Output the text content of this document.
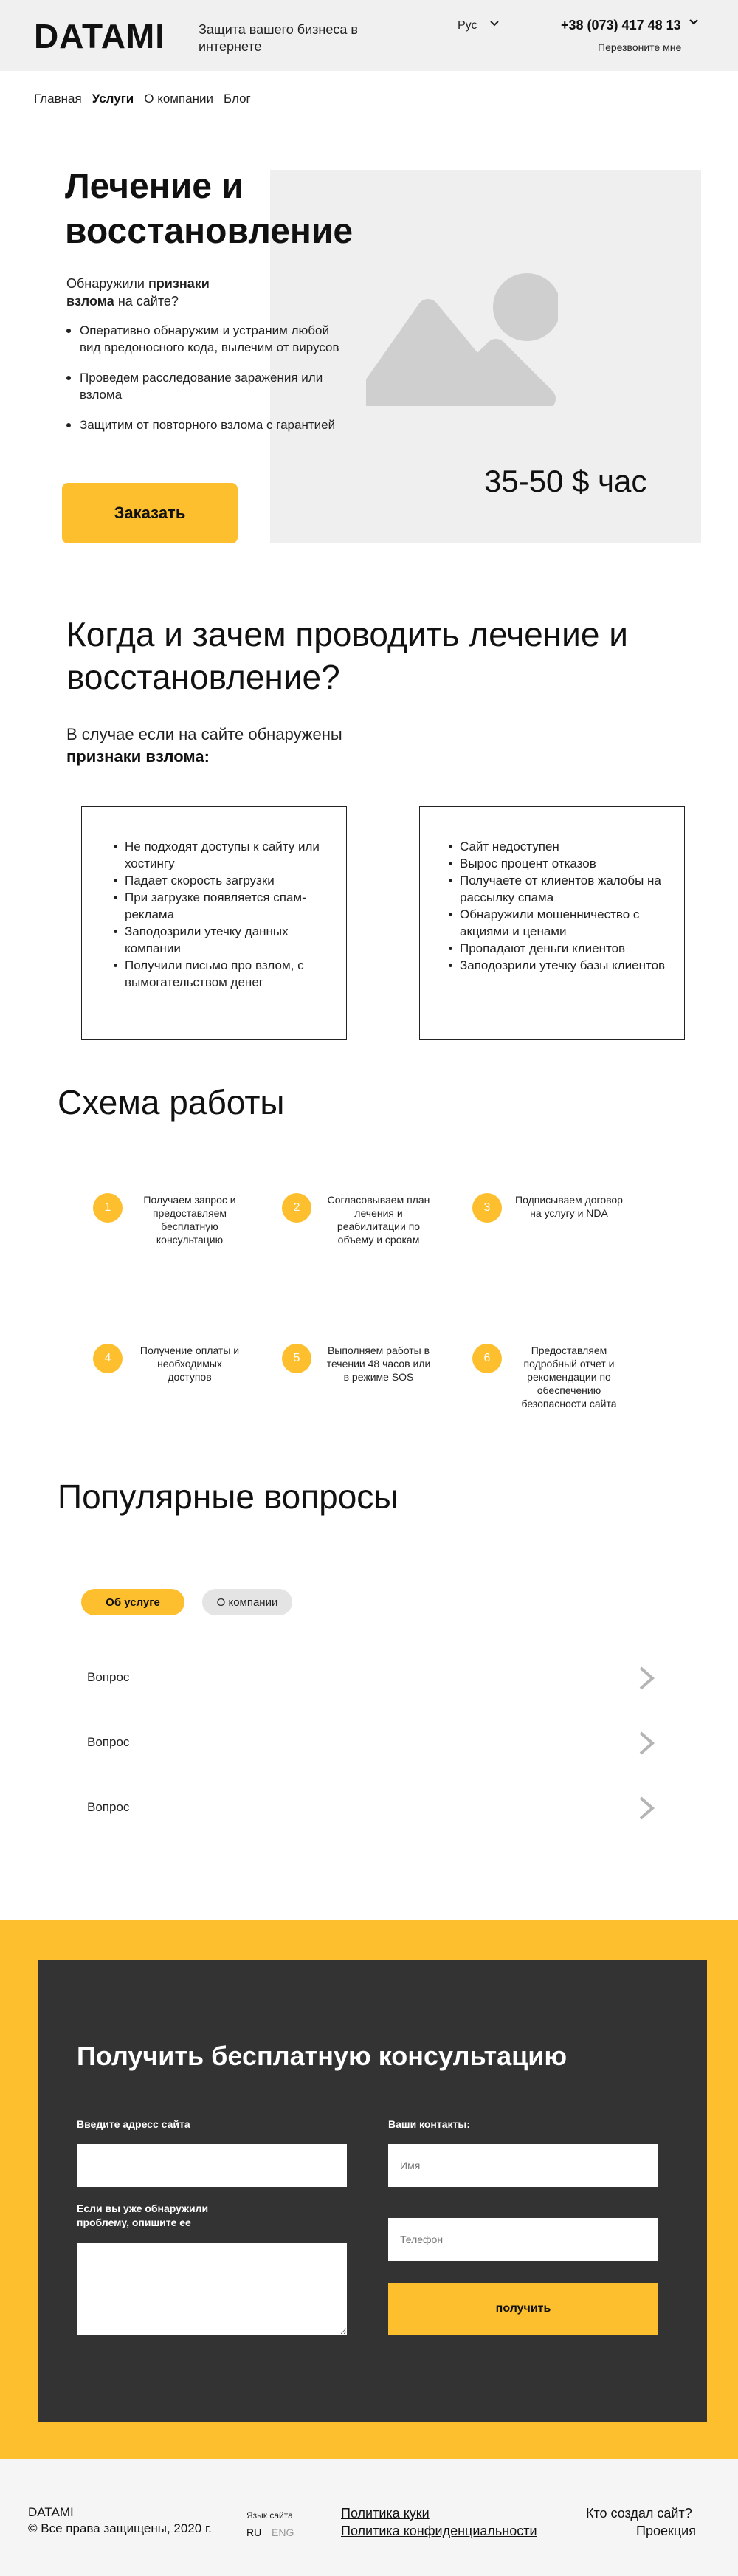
DATAMI Защита вашего бизнеса в интернете
Рус	+38 (073) 417 48 13
Перезвоните мне
Главная Услуги О компании Блог
35-50 $ час
Лечение и восстановление
Обнаружили признаки взлома на сайте?
Оперативно обнаружим и устраним любой вид вредоносного кода, вылечим от вирусов
Проведем расследование заражения или взлома
Защитим от повторного взлома с гарантией
Заказать
Когда и зачем проводить лечение и восстановление?
В случае если на сайте обнаружены
признаки взлома:
Не подходят доступы к сайту или хостингу
Падает скорость загрузки
При загрузке появляется спам-реклама
Заподозрили утечку данных компании
Получили письмо про взлом, с вымогательством денег
Сайт недоступен
Вырос процент отказов
Получаете от клиентов жалобы на рассылку спама
Обнаружили мошенничество с акциями и ценами
Пропадают деньги клиентов
Заподозрили утечку базы клиентов
Схема работы
1
Получаем запрос и предоставляем бесплатную консультацию
2
Согласовываем план лечения и реабилитации по объему и срокам
3
Подписываем договор на услугу и NDA
4
Получение оплаты и необходимых доступов
5
Выполняем работы в течении 48 часов или в режиме SOS
6
Предоставляем подробный отчет и рекомендации по обеспечению безопасности сайта
Популярные вопросы
Об услуге	О компании
Вопрос
Вопрос
Вопрос
Получить бесплатную консультацию
Введите адресс сайта
Если вы уже обнаружили проблему, опишите ее
Ваши контакты:
Имя
Телефон
получить
DATAMI
© Все права защищены, 2020 г.
Язык сайта
RU ENG
Политика куки
Политика конфиденциальности
Кто создал сайт?
Проекция
